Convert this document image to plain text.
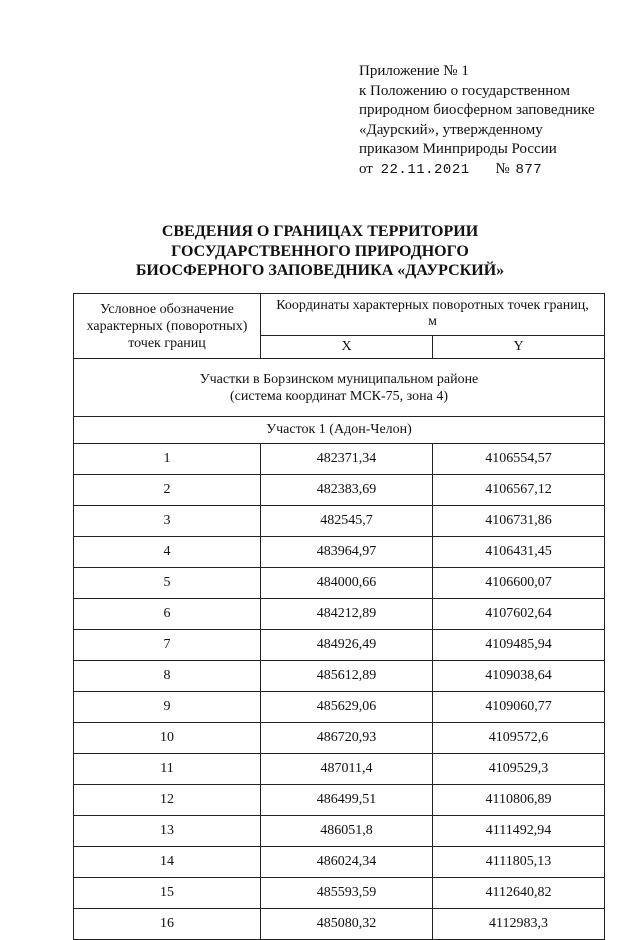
Приложение № 1
к Положению о государственном
природном биосферном заповеднике
«Даурский», утвержденному
приказом Минприроды России
от 22.11.2021 № 877
СВЕДЕНИЯ О ГРАНИЦАХ ТЕРРИТОРИИ
ГОСУДАРСТВЕННОГО ПРИРОДНОГО
БИОСФЕРНОГО ЗАПОВЕДНИКА «ДАУРСКИЙ»
Условное обозначение характерных (поворотных) точек границ	Координаты характерных поворотных точек границ, м	
	X	Y

Участки в Борзинском муниципальном районе
(система координат МСК-75, зона 4)		

Участок 1 (Адон-Челон)		
1	482371,34	4106554,57
2	482383,69	4106567,12
3	482545,7	4106731,86
4	483964,97	4106431,45
5	484000,66	4106600,07
6	484212,89	4107602,64
7	484926,49	4109485,94
8	485612,89	4109038,64
9	485629,06	4109060,77
10	486720,93	4109572,6
11	487011,4	4109529,3
12	486499,51	4110806,89
13	486051,8	4111492,94
14	486024,34	4111805,13
15	485593,59	4112640,82
16	485080,32	4112983,3
